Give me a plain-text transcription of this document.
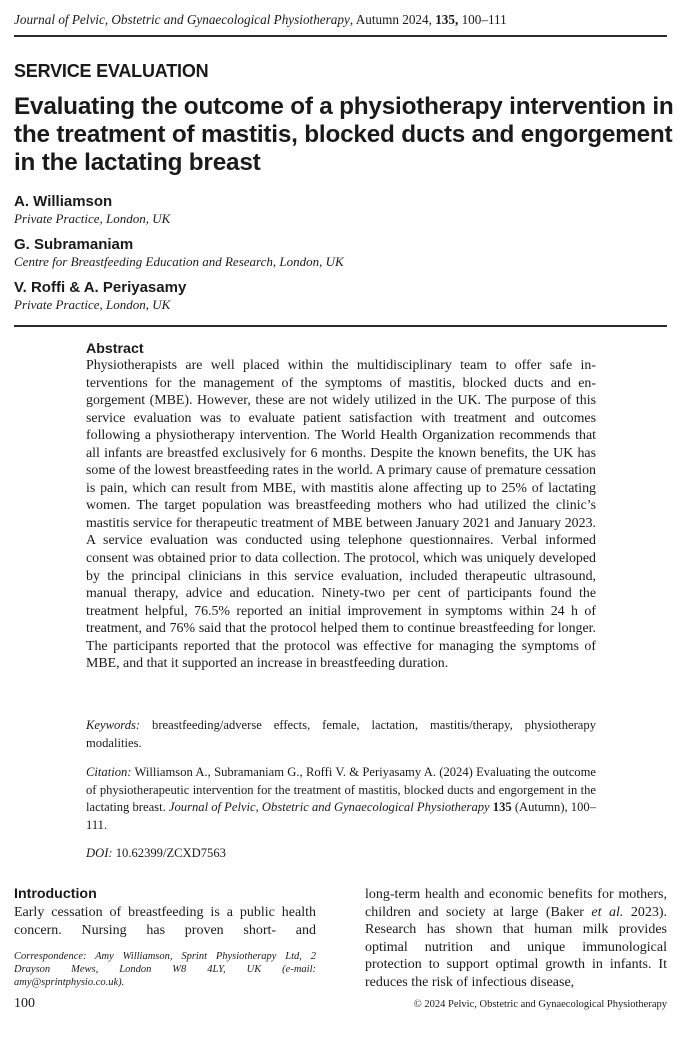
Journal of Pelvic, Obstetric and Gynaecological Physiotherapy, Autumn 2024, 135, 100–111
SERVICE EVALUATION
Evaluating the outcome of a physiotherapy intervention in the treatment of mastitis, blocked ducts and engorgement in the lactating breast
A. Williamson
Private Practice, London, UK
G. Subramaniam
Centre for Breastfeeding Education and Research, London, UK
V. Roffi & A. Periyasamy
Private Practice, London, UK
Abstract

Physiotherapists are well placed within the multidisciplinary team to offer safe interventions for the management of the symptoms of mastitis, blocked ducts and engorgement (MBE). However, these are not widely utilized in the UK. The purpose of this service evaluation was to evaluate patient satisfaction with treatment and outcomes following a physiotherapy intervention. The World Health Organization recommends that all infants are breastfed exclusively for 6 months. Despite the known benefits, the UK has some of the lowest breastfeeding rates in the world. A primary cause of premature cessation is pain, which can result from MBE, with mastitis alone affecting up to 25% of lactating women. The target population was breastfeeding mothers who had utilized the clinic’s mastitis service for therapeutic treatment of MBE between January 2021 and January 2023. A service evaluation was conducted using telephone questionnaires. Verbal informed consent was obtained prior to data collection. The protocol, which was uniquely developed by the principal clinicians in this service evaluation, included therapeutic ultrasound, manual therapy, advice and education. Ninety-two per cent of participants found the treatment helpful, 76.5% reported an initial improvement in symptoms within 24 h of treatment, and 76% said that the protocol helped them to continue breastfeeding for longer. The participants reported that the protocol was effective for managing the symptoms of MBE, and that it supported an increase in breastfeeding duration.

Keywords: breastfeeding/adverse effects, female, lactation, mastitis/therapy, physiotherapy modalities.

Citation: Williamson A., Subramaniam G., Roffi V. & Periyasamy A. (2024) Evaluating the outcome of physiotherapeutic intervention for the treatment of mastitis, blocked ducts and engorgement in the lactating breast. Journal of Pelvic, Obstetric and Gynaecological Physiotherapy 135 (Autumn), 100–111.

DOI: 10.62399/ZCXD7563

Introduction

Early cessation of breastfeeding is a public health concern. Nursing has proven short- and

Correspondence: Amy Williamson, Sprint Physiotherapy Ltd, 2 Drayson Mews, London W8 4LY, UK (e-mail: amy@sprintphysio.co.uk).

100

long-term health and economic benefits for mothers, children and society at large (Baker et al. 2023). Research has shown that human milk provides optimal nutrition and unique immunological protection to support optimal growth in infants. It reduces the risk of infectious disease,

© 2024 Pelvic, Obstetric and Gynaecological Physiotherapy
